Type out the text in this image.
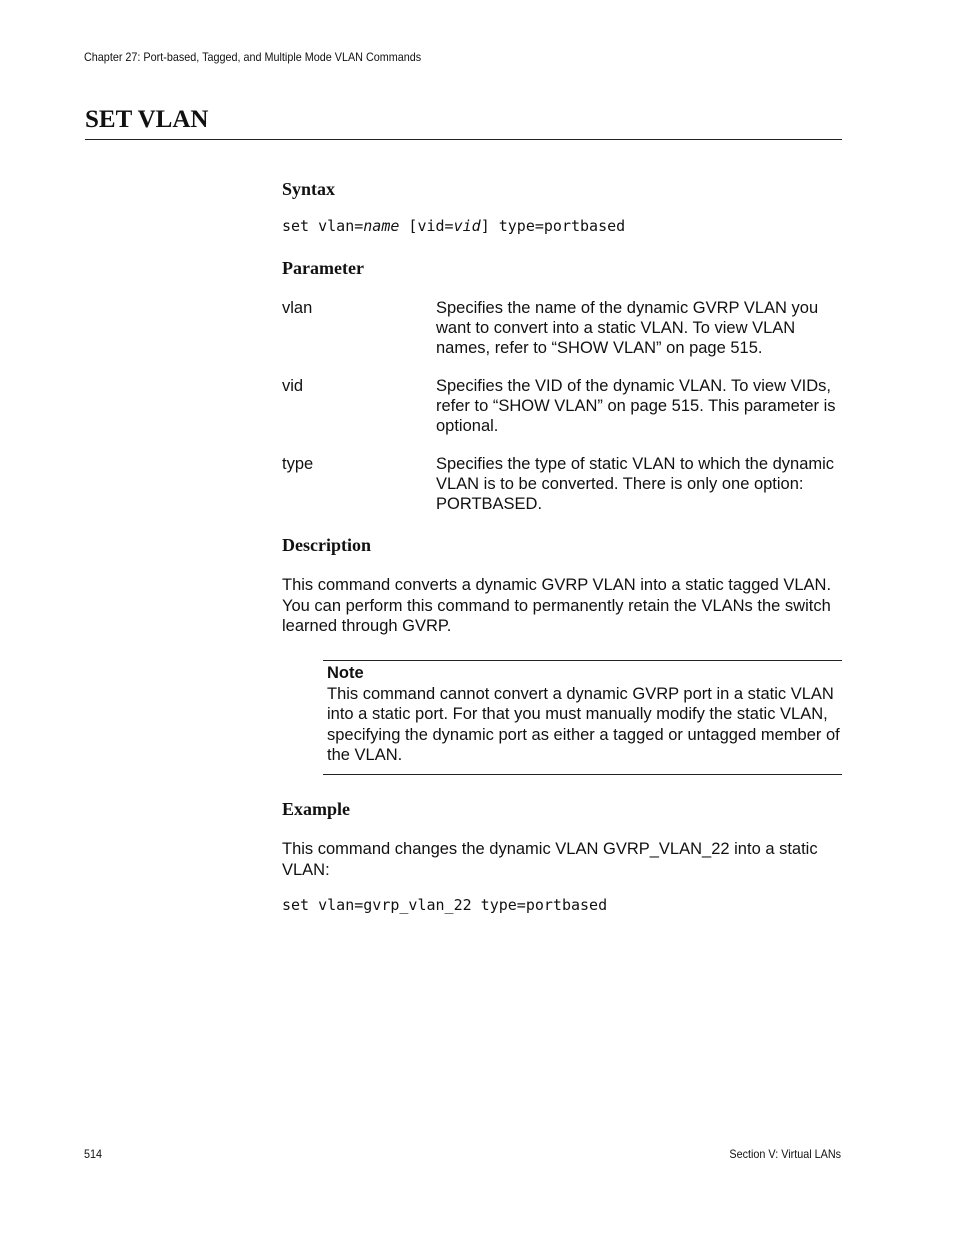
Chapter 27: Port-based, Tagged, and Multiple Mode VLAN Commands
SET VLAN
Syntax
set vlan=name [vid=vid] type=portbased
Parameter
vlan	Specifies the name of the dynamic GVRP VLAN you want to convert into a static VLAN. To view VLAN names, refer to “SHOW VLAN” on page 515.
vid	Specifies the VID of the dynamic VLAN. To view VIDs, refer to “SHOW VLAN” on page 515. This parameter is optional.
type	Specifies the type of static VLAN to which the dynamic VLAN is to be converted. There is only one option: PORTBASED.
Description

This command converts a dynamic GVRP VLAN into a static tagged VLAN. You can perform this command to permanently retain the VLANs the switch learned through GVRP.

Note
This command cannot convert a dynamic GVRP port in a static VLAN into a static port. For that you must manually modify the static VLAN, specifying the dynamic port as either a tagged or untagged member of the VLAN.
Example

This command changes the dynamic VLAN GVRP_VLAN_22 into a static VLAN:

set vlan=gvrp_vlan_22 type=portbased
514	Section V: Virtual LANs
